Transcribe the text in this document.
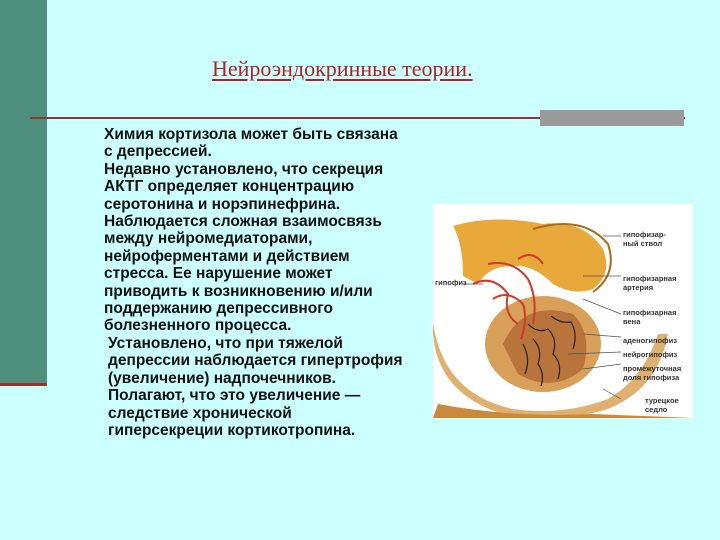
Нейроэндокринные теории.

Химия кортизола может быть связана с депрессией.

Недавно установлено, что секреция АКТГ определяет концентрацию серотонина и норэпинефрина. Наблюдается сложная взаимосвязь между нейромедиаторами, нейроферментами и действием стресса. Ее нарушение может приводить к возникновению и/или поддержанию депрессивного болезненного процесса.

Установлено, что при тяжелой депрессии наблюдается гипертрофия (увеличение) надпочечников. Полагают, что это увеличение — следствие хронической гиперсекреции кортикотропина.

гипофиз
гипофизар-
ный ствол
гипофизарная
артерия
гипофизарная
вена
аденогипофиз
нейрогипофиз
промежуточная
доля гипофиза
турецкое
седло
